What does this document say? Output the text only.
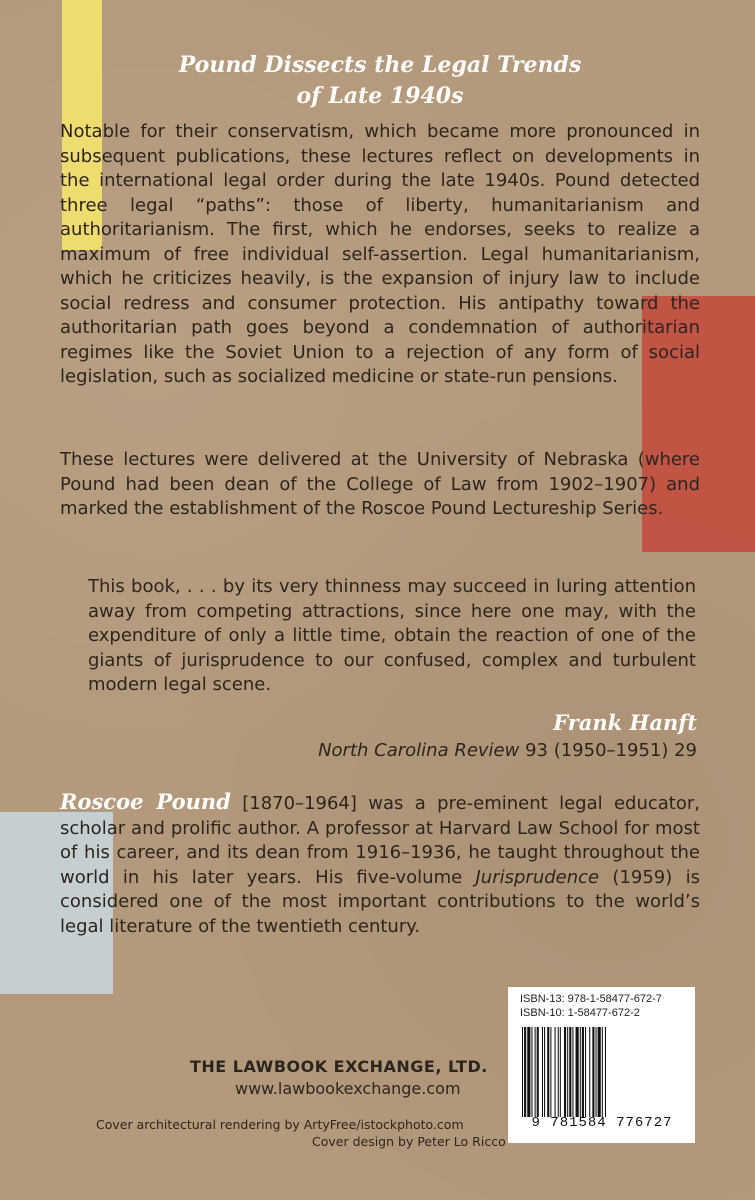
Pound Dissects the Legal Trends
of Late 1940s
Notable for their conservatism, which became more pronounced in subsequent publications, these lectures reflect on developments in the international legal order during the late 1940s. Pound detected three legal “paths”: those of liberty, humanitarianism and authoritarianism. The first, which he endorses, seeks to realize a maximum of free individual self-assertion. Legal humanitarianism, which he criticizes heavily, is the expansion of injury law to include social redress and consumer protection. His antipathy toward the authoritarian path goes beyond a condemnation of authoritarian regimes like the Soviet Union to a rejection of any form of social legislation, such as socialized medicine or state-run pensions.
These lectures were delivered at the University of Nebraska (where Pound had been dean of the College of Law from 1902–1907) and marked the establishment of the Roscoe Pound Lectureship Series.
This book, . . . by its very thinness may succeed in luring attention away from competing attractions, since here one may, with the expenditure of only a little time, obtain the reaction of one of the giants of jurisprudence to our confused, complex and turbulent modern legal scene.
Frank Hanft
North Carolina Review 93 (1950–1951) 29
Roscoe Pound [1870–1964] was a pre-eminent legal educator, scholar and prolific author. A professor at Harvard Law School for most of his career, and its dean from 1916–1936, he taught throughout the world in his later years. His five-volume Jurisprudence (1959) is considered one of the most important contributions to the world’s legal literature of the twentieth century.
THE LAWBOOK EXCHANGE, LTD.
www.lawbookexchange.com
Cover architectural rendering by ArtyFree/istockphoto.com
Cover design by Peter Lo Ricco
ISBN-13: 978-1-58477-672-7
ISBN-10: 1-58477-672-2
9 781584 776727
